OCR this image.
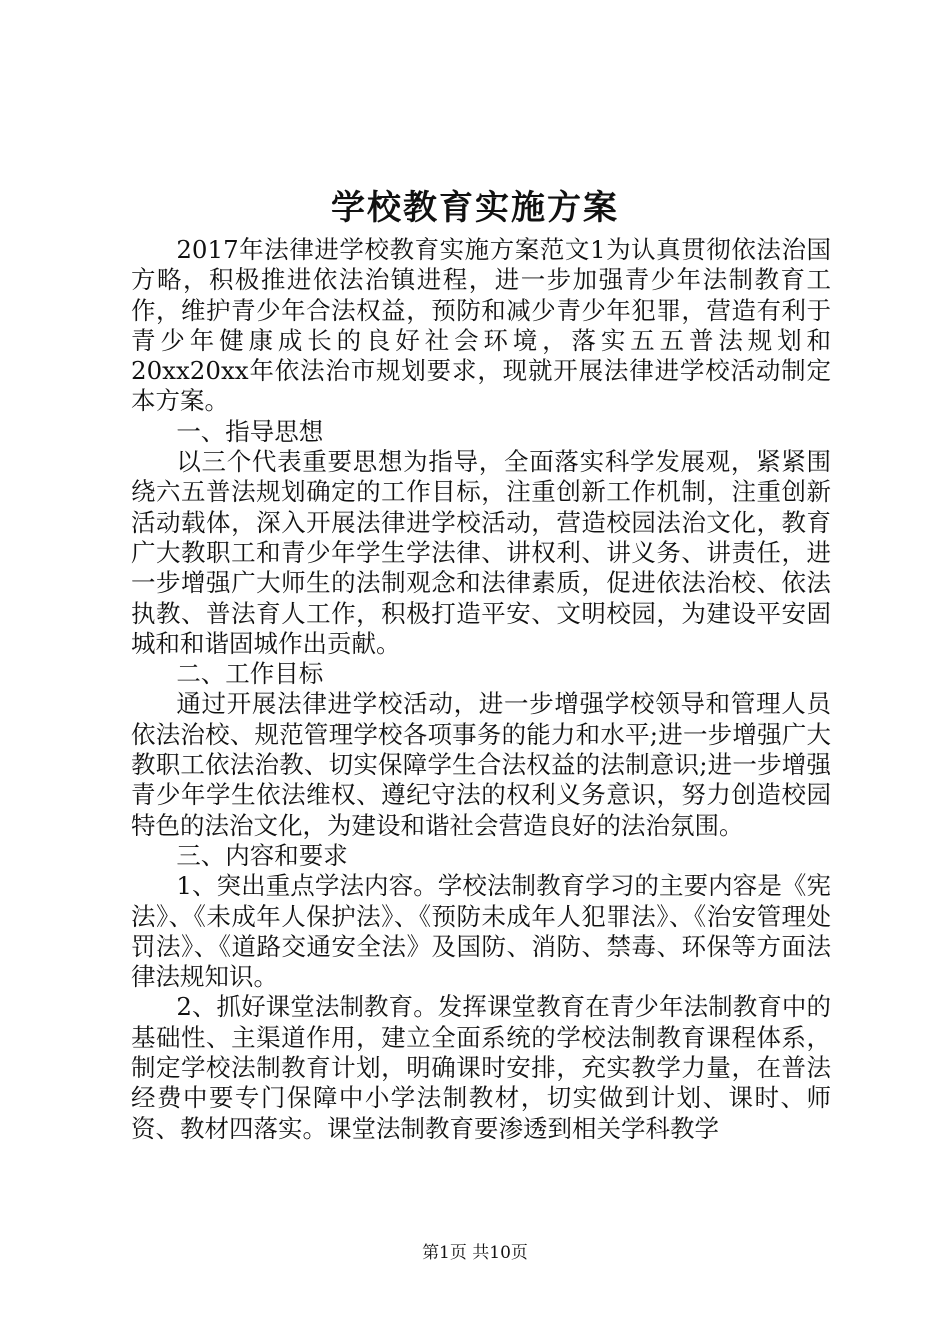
学校教育实施方案

2017年法律进学校教育实施方案范文1为认真贯彻依法治国方略，积极推进依法治镇进程，进一步加强青少年法制教育工作，维护青少年合法权益，预防和减少青少年犯罪，营造有利于青少年健康成长的良好社会环境，落实五五普法规划和20xx20xx年依法治市规划要求，现就开展法律进学校活动制定本方案。

一、指导思想

以三个代表重要思想为指导，全面落实科学发展观，紧紧围绕六五普法规划确定的工作目标，注重创新工作机制，注重创新活动载体，深入开展法律进学校活动，营造校园法治文化，教育广大教职工和青少年学生学法律、讲权利、讲义务、讲责任，进一步增强广大师生的法制观念和法律素质，促进依法治校、依法执教、普法育人工作，积极打造平安、文明校园，为建设平安固城和和谐固城作出贡献。

二、工作目标

通过开展法律进学校活动，进一步增强学校领导和管理人员依法治校、规范管理学校各项事务的能力和水平;进一步增强广大教职工依法治教、切实保障学生合法权益的法制意识;进一步增强青少年学生依法维权、遵纪守法的权利义务意识，努力创造校园特色的法治文化，为建设和谐社会营造良好的法治氛围。

三、内容和要求

1、突出重点学法内容。学校法制教育学习的主要内容是《宪法》、《未成年人保护法》、《预防未成年人犯罪法》、《治安管理处罚法》、《道路交通安全法》及国防、消防、禁毒、环保等方面法律法规知识。

2、抓好课堂法制教育。发挥课堂教育在青少年法制教育中的基础性、主渠道作用，建立全面系统的学校法制教育课程体系，制定学校法制教育计划，明确课时安排，充实教学力量，在普法经费中要专门保障中小学法制教材，切实做到计划、课时、师资、教材四落实。课堂法制教育要渗透到相关学科教学

第1页 共10页
